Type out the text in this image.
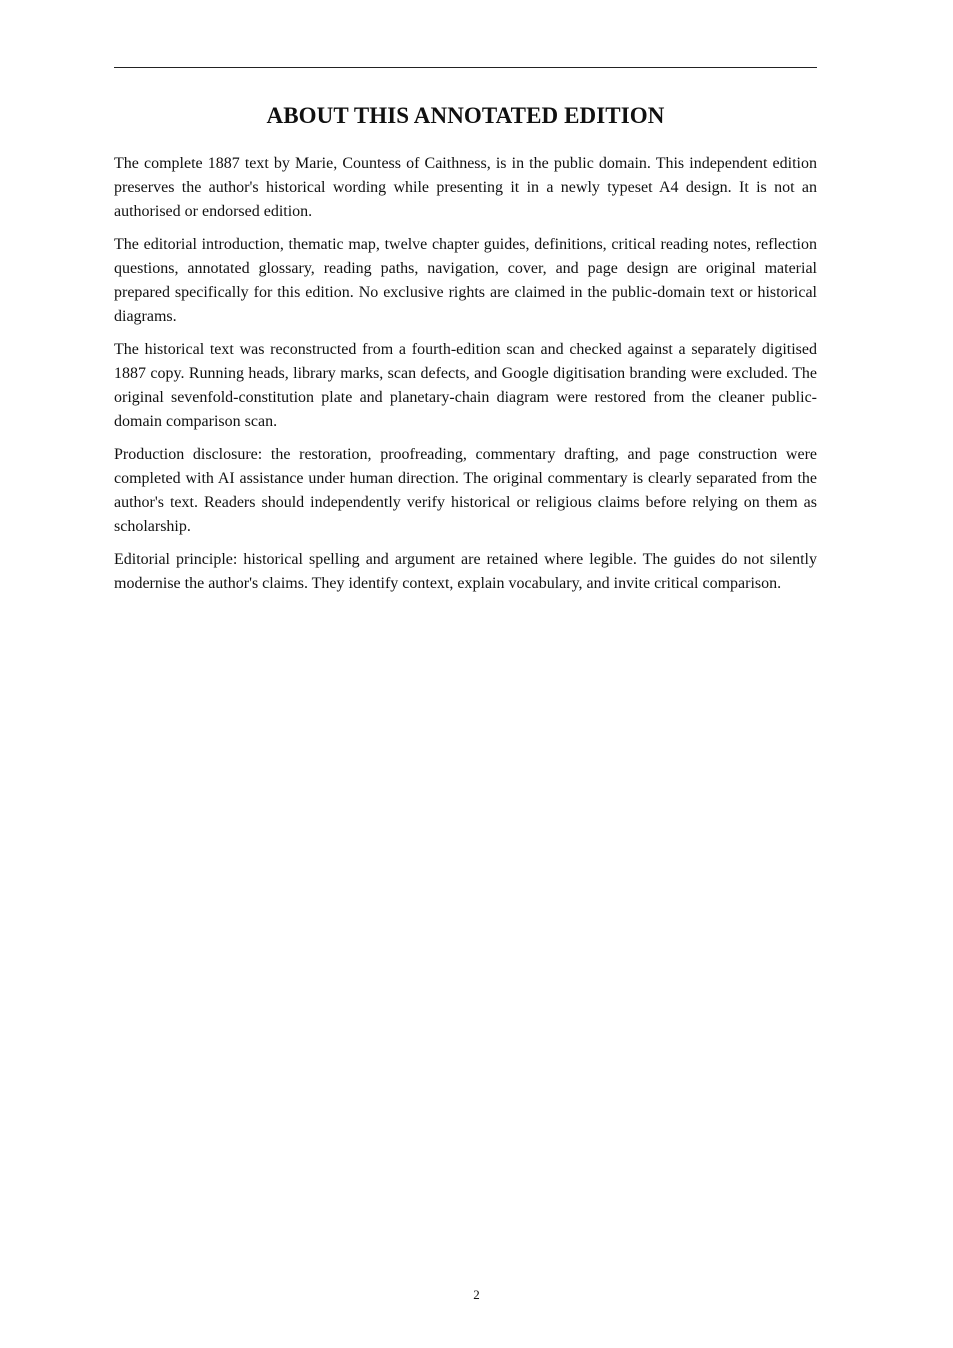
ABOUT THIS ANNOTATED EDITION

The complete 1887 text by Marie, Countess of Caithness, is in the public domain. This independent edition preserves the author's historical wording while presenting it in a newly typeset A4 design. It is not an authorised or endorsed edition.

The editorial introduction, thematic map, twelve chapter guides, definitions, critical reading notes, reflection questions, annotated glossary, reading paths, navigation, cover, and page design are original material prepared specifically for this edition. No exclusive rights are claimed in the public-domain text or historical diagrams.

The historical text was reconstructed from a fourth-edition scan and checked against a separately digitised 1887 copy. Running heads, library marks, scan defects, and Google digitisation branding were excluded. The original sevenfold-constitution plate and planetary-chain diagram were restored from the cleaner public-domain comparison scan.

Production disclosure: the restoration, proofreading, commentary drafting, and page construction were completed with AI assistance under human direction. The original commentary is clearly separated from the author's text. Readers should independently verify historical or religious claims before relying on them as scholarship.

Editorial principle: historical spelling and argument are retained where legible. The guides do not silently modernise the author's claims. They identify context, explain vocabulary, and invite critical comparison.

2
